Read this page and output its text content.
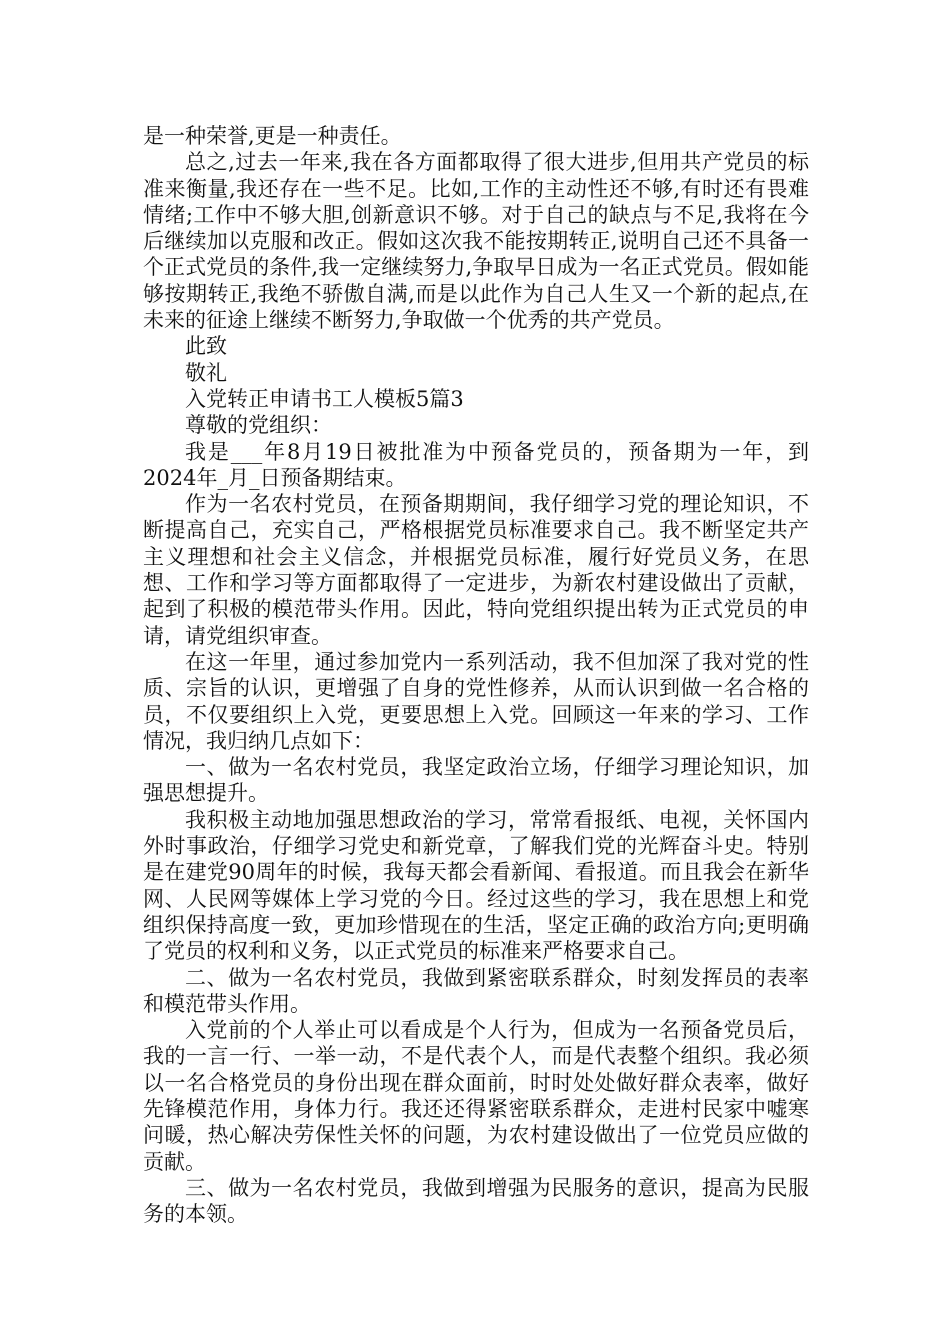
是一种荣誉,更是一种责任。

总之,过去一年来,我在各方面都取得了很大进步,但用共产党员的标准来衡量,我还存在一些不足。比如,工作的主动性还不够,有时还有畏难情绪;工作中不够大胆,创新意识不够。对于自己的缺点与不足,我将在今后继续加以克服和改正。假如这次我不能按期转正,说明自己还不具备一个正式党员的条件,我一定继续努力,争取早日成为一名正式党员。假如能够按期转正,我绝不骄傲自满,而是以此作为自己人生又一个新的起点,在未来的征途上继续不断努力,争取做一个优秀的共产党员。

此致

敬礼

入党转正申请书工人模板5篇3

尊敬的党组织：

我是___年8月19日被批准为中预备党员的，预备期为一年，到2024年_月_日预备期结束。

作为一名农村党员，在预备期期间，我仔细学习党的理论知识，不断提高自己，充实自己，严格根据党员标准要求自己。我不断坚定共产主义理想和社会主义信念，并根据党员标准，履行好党员义务，在思想、工作和学习等方面都取得了一定进步，为新农村建设做出了贡献，起到了积极的模范带头作用。因此，特向党组织提出转为正式党员的申请，请党组织审查。

在这一年里，通过参加党内一系列活动，我不但加深了我对党的性质、宗旨的认识，更增强了自身的党性修养，从而认识到做一名合格的员，不仅要组织上入党，更要思想上入党。回顾这一年来的学习、工作情况，我归纳几点如下：

一、做为一名农村党员，我坚定政治立场，仔细学习理论知识，加强思想提升。

我积极主动地加强思想政治的学习，常常看报纸、电视，关怀国内外时事政治，仔细学习党史和新党章，了解我们党的光辉奋斗史。特别是在建党90周年的时候，我每天都会看新闻、看报道。而且我会在新华网、人民网等媒体上学习党的今日。经过这些的学习，我在思想上和党组织保持高度一致，更加珍惜现在的生活，坚定正确的政治方向;更明确了党员的权利和义务，以正式党员的标准来严格要求自己。

二、做为一名农村党员，我做到紧密联系群众，时刻发挥员的表率和模范带头作用。

入党前的个人举止可以看成是个人行为，但成为一名预备党员后，我的一言一行、一举一动，不是代表个人，而是代表整个组织。我必须以一名合格党员的身份出现在群众面前，时时处处做好群众表率，做好先锋模范作用，身体力行。我还还得紧密联系群众，走进村民家中嘘寒问暖，热心解决劳保性关怀的问题，为农村建设做出了一位党员应做的贡献。

三、做为一名农村党员，我做到增强为民服务的意识，提高为民服务的本领。
